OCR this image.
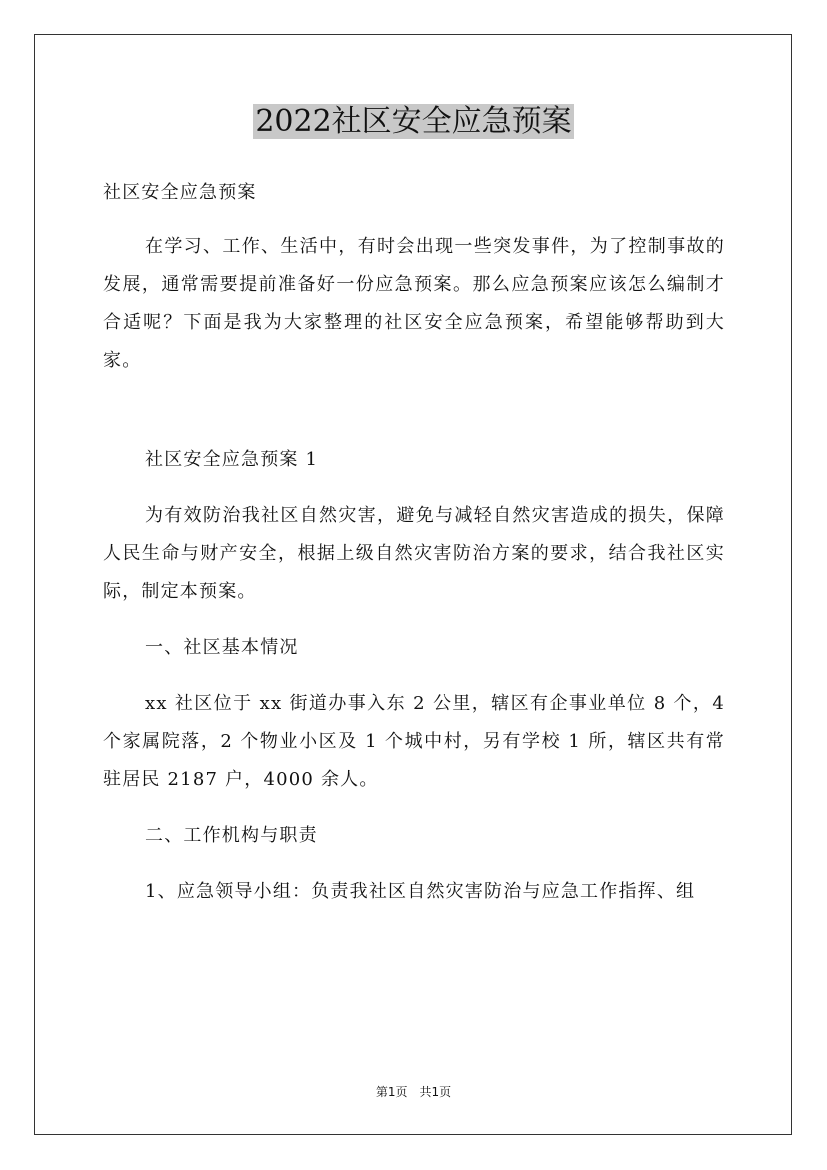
2022社区安全应急预案

社区安全应急预案

在学习、工作、生活中，有时会出现一些突发事件，为了控制事故的发展，通常需要提前准备好一份应急预案。那么应急预案应该怎么编制才合适呢？下面是我为大家整理的社区安全应急预案，希望能够帮助到大家。

社区安全应急预案 1

为有效防治我社区自然灾害，避免与减轻自然灾害造成的损失，保障人民生命与财产安全，根据上级自然灾害防治方案的要求，结合我社区实际，制定本预案。

一、社区基本情况

xx 社区位于 xx 街道办事入东 2 公里，辖区有企事业单位 8 个，4 个家属院落，2 个物业小区及 1 个城中村，另有学校 1 所，辖区共有常驻居民 2187 户，4000 余人。

二、工作机构与职责

1、应急领导小组：负责我社区自然灾害防治与应急工作指挥、组

第1页　共1页
